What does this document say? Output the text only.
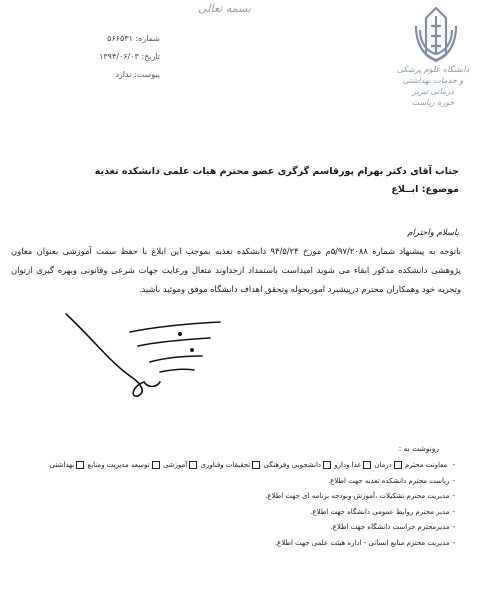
بسمه تعالی
شماره: ۵۶۶۵۳۱
تاریخ: ۱۳۹۴/۰۶/۰۳
پیوست: ندارد
دانشگاه علوم پزشکی
و خدمات بهداشتی درمانی تبریز
حوزه ریاست
جناب آقای دکتر بهرام پورقاسم گرگری عضو محترم هیات علمی دانشکده تغذیه
موضوع: ابــلاغ
باسلام واحترام
باتوجه به پیشنهاد شماره ۵/۹۷/۲۰۸۸م مورخ ۹۴/۵/۲۴ دانشکده تغذیه بموجب این ابلاغ با حفظ سمت آموزشی بعنوان معاون پژوهشی دانشکده مذکور ابقاء می شوید امیداست باستمداد ازخداوند متعال ورعایت جهات شرعی وقانونی وبهره گیری ازتوان وتجربه خود وهمکاران محترم درپیشبرد اموربحوله وتحقق اهداف دانشگاه موفق وموئید باشید.
رونوشت به :
- معاونت محترم درمان غذا ودارو دانشجویی وفرهنگی تحقیقات وفناوری آموزشی توسعه مدیریت ومنابع بهداشتی
- ریاست محترم دانشکده تغذیه جهت اطلاع.
- مدیریت محترم تشکیلات ،آموزش وبودجه برنامه ای جهت اطلاع.
- مدیر محترم روابط عمومی دانشگاه جهت اطلاع.
- مدیرمحترم حراست دانشگاه جهت اطلاع.
- مدیریت محترم منابع انسانی - اداره هیئت علمی جهت اطلاع.
